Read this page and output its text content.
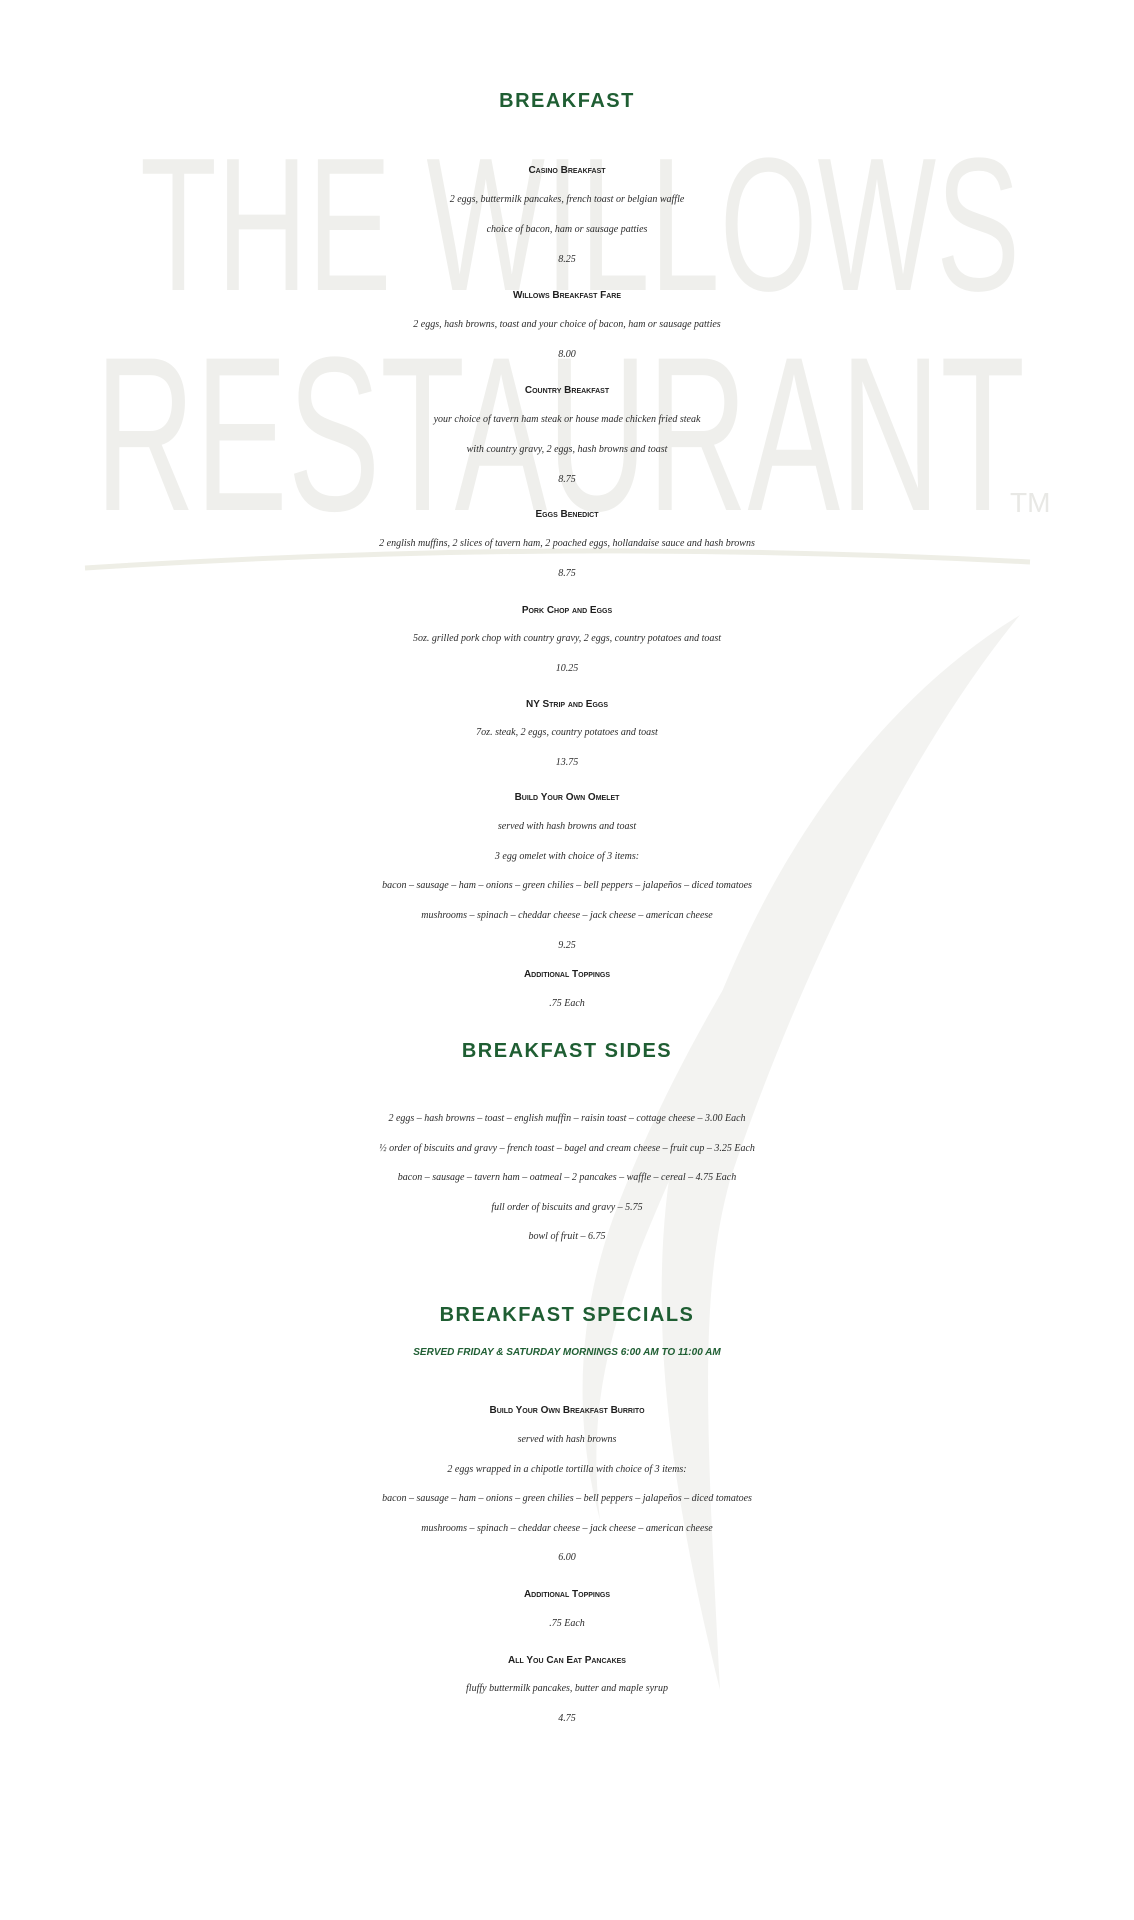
THE WILLOWS
RESTAURANT
TM
BREAKFAST
Casino Breakfast
2 eggs, buttermilk pancakes, french toast or belgian waffle
choice of bacon, ham or sausage patties
8.25
Willows Breakfast Fare
2 eggs, hash browns, toast and your choice of bacon, ham or sausage patties
8.00
Country Breakfast
your choice of tavern ham steak or house made chicken fried steak
with country gravy, 2 eggs, hash browns and toast
8.75
Eggs Benedict
2 english muffins, 2 slices of tavern ham, 2 poached eggs, hollandaise sauce and hash browns
8.75
Pork Chop and Eggs
5oz. grilled pork chop with country gravy, 2 eggs, country potatoes and toast
10.25
NY Strip and Eggs
7oz. steak, 2 eggs, country potatoes and toast
13.75
Build Your Own Omelet
served with hash browns and toast
3 egg omelet with choice of 3 items:
bacon – sausage – ham – onions – green chilies – bell peppers – jalapeños – diced tomatoes
mushrooms – spinach – cheddar cheese – jack cheese – american cheese
9.25
Additional Toppings
.75 Each
BREAKFAST SIDES
2 eggs – hash browns – toast – english muffin – raisin toast – cottage cheese – 3.00 Each
½ order of biscuits and gravy – french toast – bagel and cream cheese – fruit cup – 3.25 Each
bacon – sausage – tavern ham – oatmeal – 2 pancakes – waffle – cereal – 4.75 Each
full order of biscuits and gravy – 5.75
bowl of fruit – 6.75
BREAKFAST SPECIALS
SERVED FRIDAY & SATURDAY MORNINGS 6:00 AM TO 11:00 AM
Build Your Own Breakfast Burrito
served with hash browns
2 eggs wrapped in a chipotle tortilla with choice of 3 items:
bacon – sausage – ham – onions – green chilies – bell peppers – jalapeños – diced tomatoes
mushrooms – spinach – cheddar cheese – jack cheese – american cheese
6.00
Additional Toppings
.75 Each
All You Can Eat Pancakes
fluffy buttermilk pancakes, butter and maple syrup
4.75
